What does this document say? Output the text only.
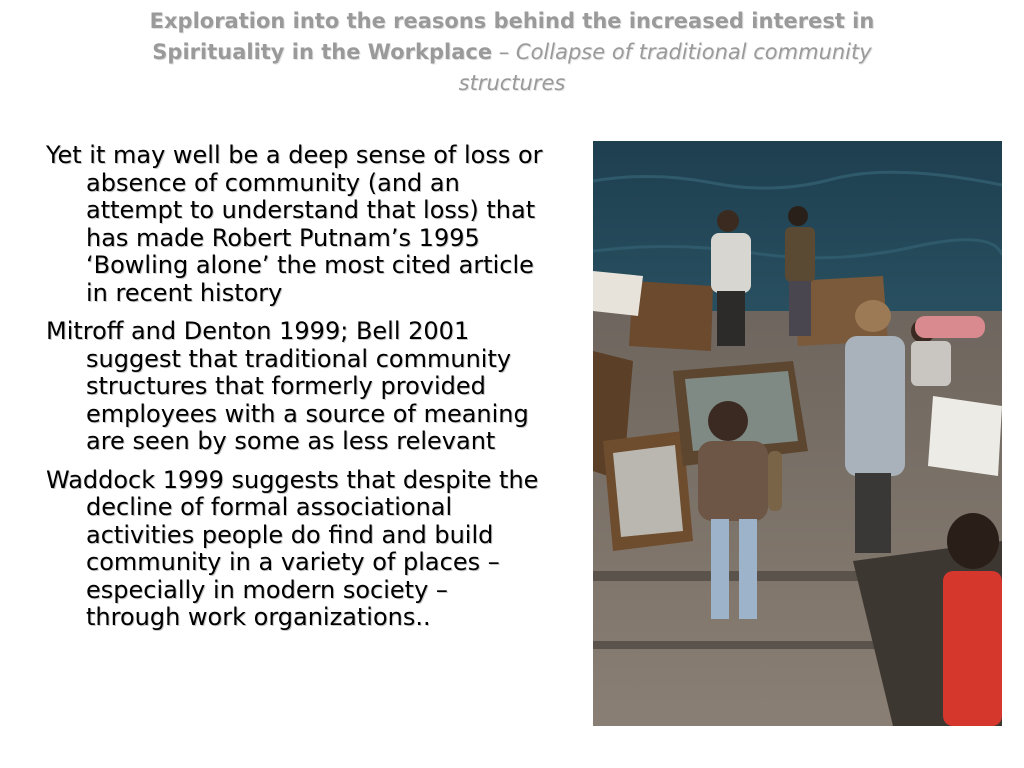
Exploration into the reasons behind the increased interest in
Spirituality in the Workplace – Collapse of traditional community
structures

Yet it may well be a deep sense of loss or absence of community (and an attempt to understand that loss) that has made Robert Putnam’s 1995 ‘Bowling alone’ the most cited article in recent history

Mitroff and Denton 1999; Bell 2001 suggest that traditional community structures that formerly provided employees with a source of meaning are seen by some as less relevant

Waddock 1999 suggests that despite the decline of formal associational activities people do find and build community in a variety of places – especially in modern society – through work organizations..
